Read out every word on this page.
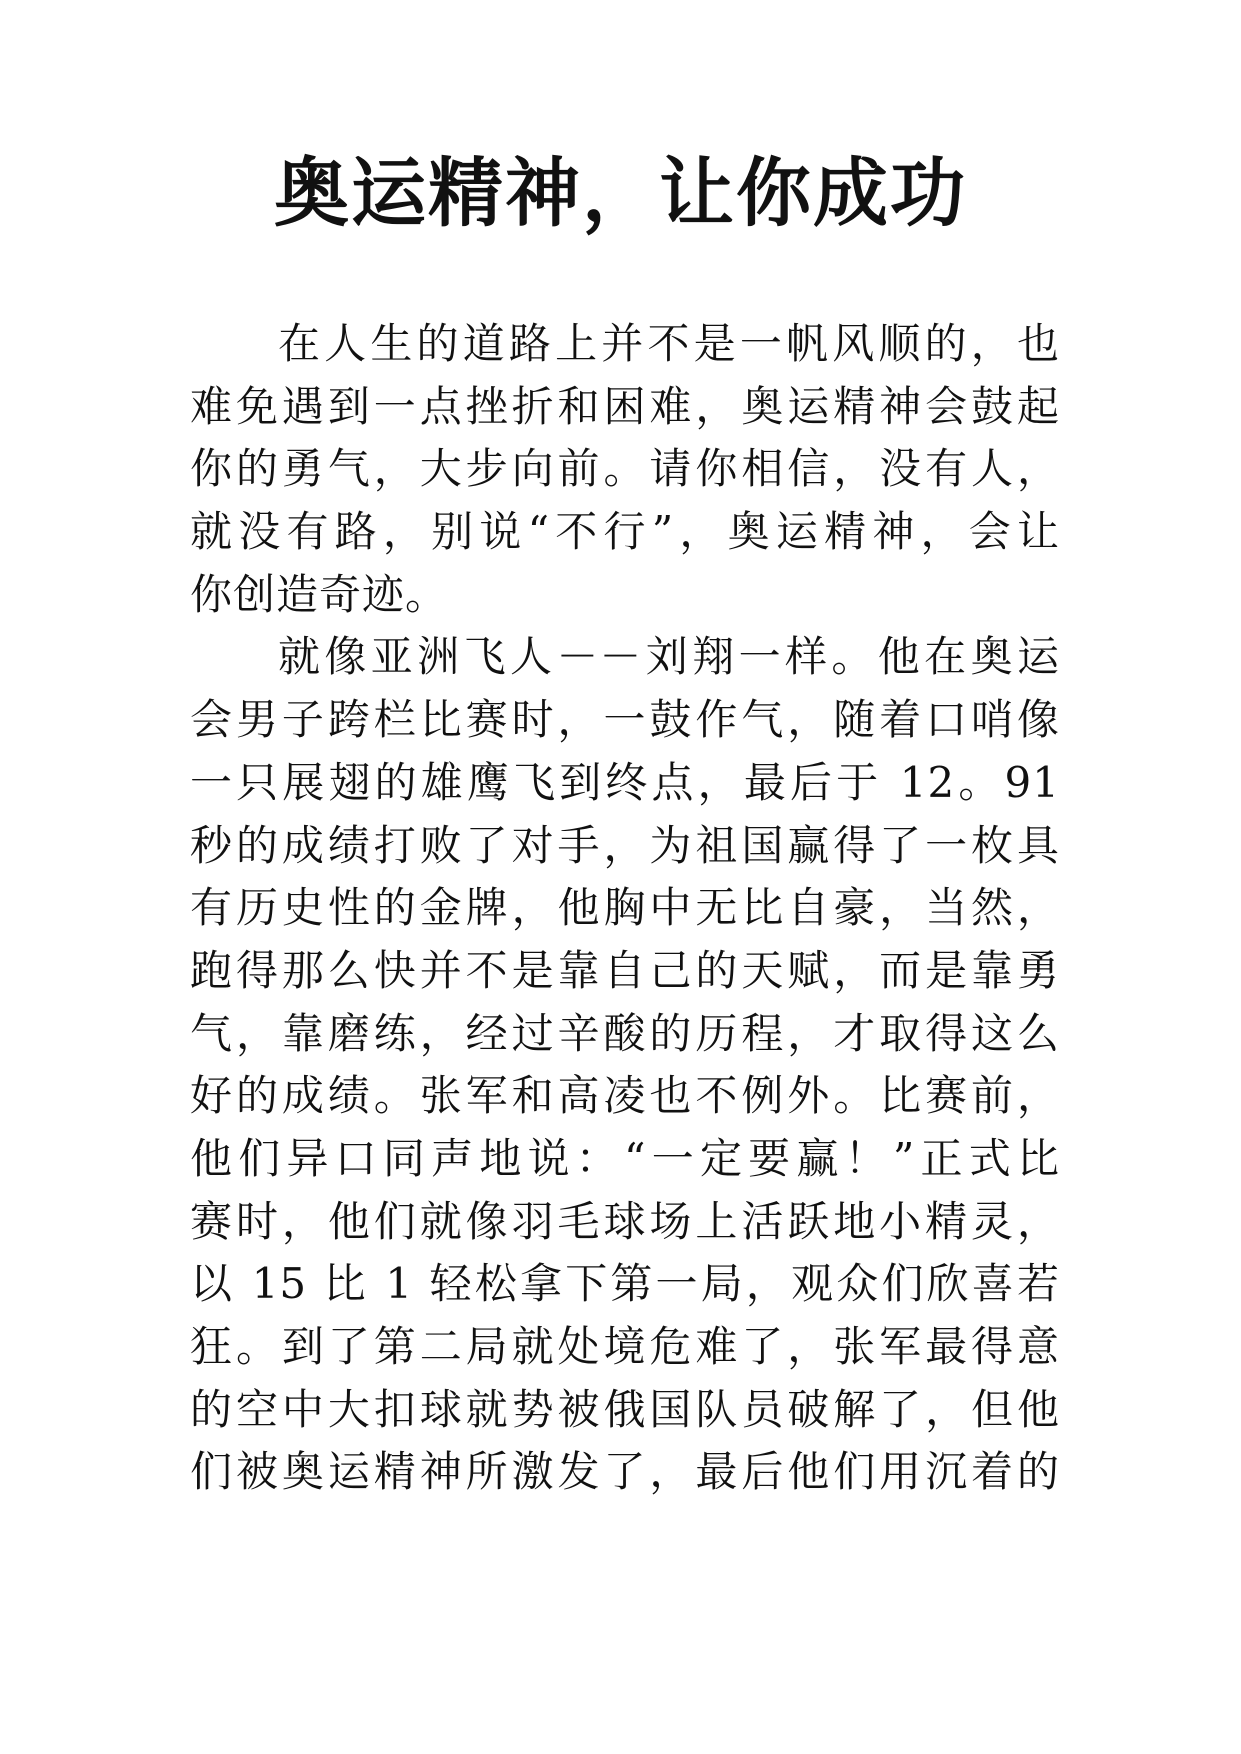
奥运精神，让你成功
在人生的道路上并不是一帆风顺的，也
难免遇到一点挫折和困难，奥运精神会鼓起
你的勇气，大步向前。请你相信，没有人，
就没有路，别说“不行”，奥运精神，会让
你创造奇迹。
就像亚洲飞人－－刘翔一样。他在奥运
会男子跨栏比赛时，一鼓作气，随着口哨像
一只展翅的雄鹰飞到终点，最后于 12。91
秒的成绩打败了对手，为祖国赢得了一枚具
有历史性的金牌，他胸中无比自豪，当然，
跑得那么快并不是靠自己的天赋，而是靠勇
气，靠磨练，经过辛酸的历程，才取得这么
好的成绩。张军和高凌也不例外。比赛前，
他们异口同声地说：“一定要赢！”正式比
赛时，他们就像羽毛球场上活跃地小精灵，
以 15 比 1 轻松拿下第一局，观众们欣喜若
狂。到了第二局就处境危难了，张军最得意
的空中大扣球就势被俄国队员破解了，但他
们被奥运精神所激发了，最后他们用沉着的
